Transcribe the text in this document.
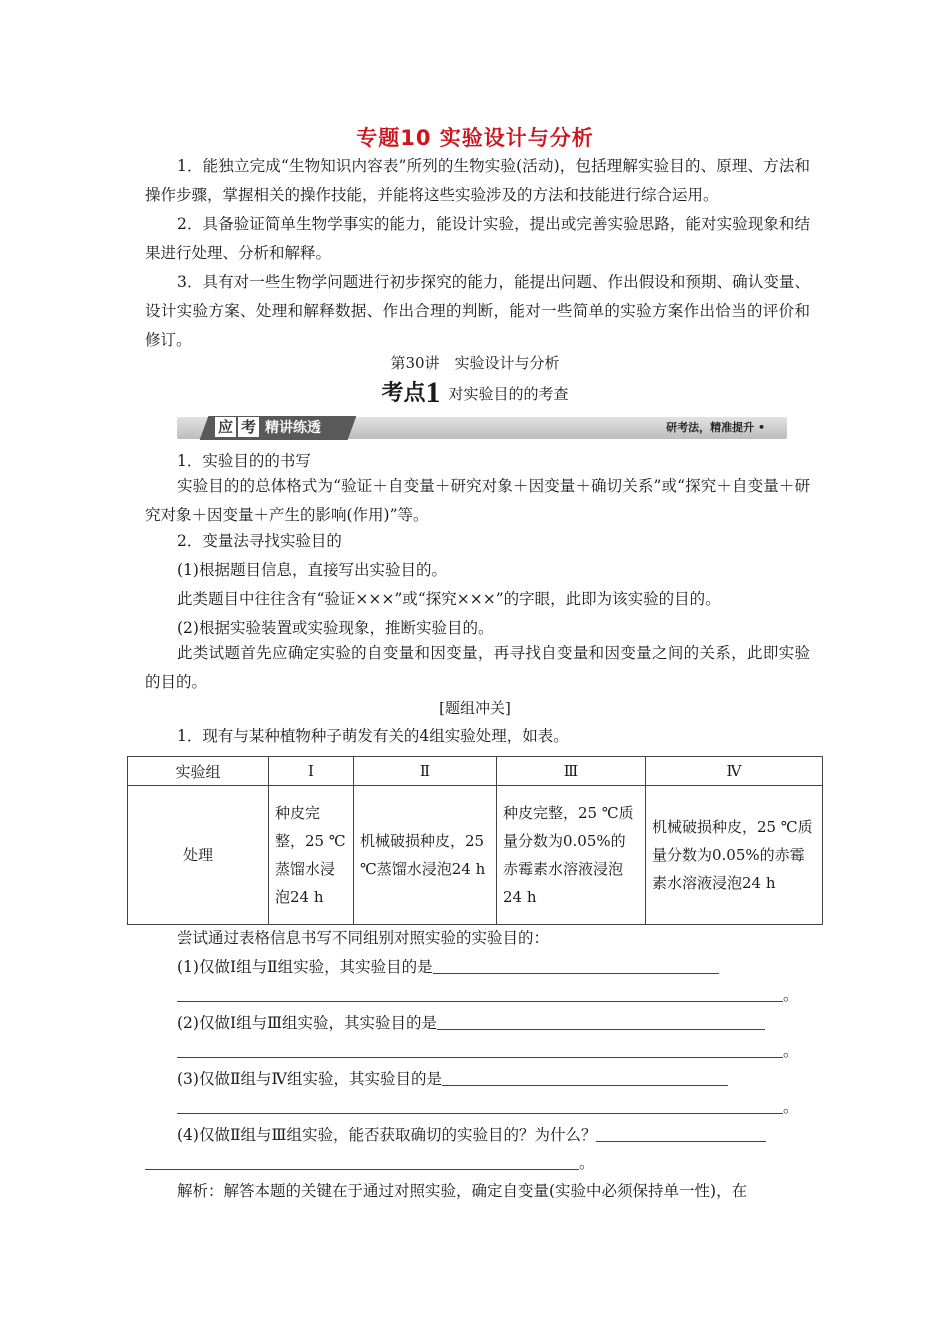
专题10 实验设计与分析
1．能独立完成“生物知识内容表”所列的生物实验(活动)，包括理解实验目的、原理、方法和操作步骤，掌握相关的操作技能，并能将这些实验涉及的方法和技能进行综合运用。
2．具备验证简单生物学事实的能力，能设计实验，提出或完善实验思路，能对实验现象和结果进行处理、分析和解释。
3．具有对一些生物学问题进行初步探究的能力，能提出问题、作出假设和预期、确认变量、设计实验方案、处理和解释数据、作出合理的判断，能对一些简单的实验方案作出恰当的评价和修订。
第30讲　实验设计与分析
考点1 对实验目的的考查
应 考 精讲练透	研考法，精准提升 •
1．实验目的的书写
实验目的的总体格式为“验证＋自变量＋研究对象＋因变量＋确切关系”或“探究＋自变量＋研究对象＋因变量＋产生的影响(作用)”等。
2．变量法寻找实验目的
(1)根据题目信息，直接写出实验目的。
此类题目中往往含有“验证×××”或“探究×××”的字眼，此即为该实验的目的。
(2)根据实验装置或实验现象，推断实验目的。
此类试题首先应确定实验的自变量和因变量，再寻找自变量和因变量之间的关系，此即实验的目的。
[题组冲关]
1．现有与某种植物种子萌发有关的4组实验处理，如表。
实验组	Ⅰ	Ⅱ	Ⅲ	Ⅳ
处理	种皮完整，25 ℃蒸馏水浸泡24 h	机械破损种皮，25 ℃蒸馏水浸泡24 h	种皮完整，25 ℃质量分数为0.05%的赤霉素水溶液浸泡24 h	机械破损种皮，25 ℃质量分数为0.05%的赤霉素水溶液浸泡24 h
尝试通过表格信息书写不同组别对照实验的实验目的：
(1)仅做Ⅰ组与Ⅱ组实验，其实验目的是
。
(2)仅做Ⅰ组与Ⅲ组实验，其实验目的是
。
(3)仅做Ⅱ组与Ⅳ组实验，其实验目的是
。
(4)仅做Ⅱ组与Ⅲ组实验，能否获取确切的实验目的？为什么？
。
解析：解答本题的关键在于通过对照实验，确定自变量(实验中必须保持单一性)，在
